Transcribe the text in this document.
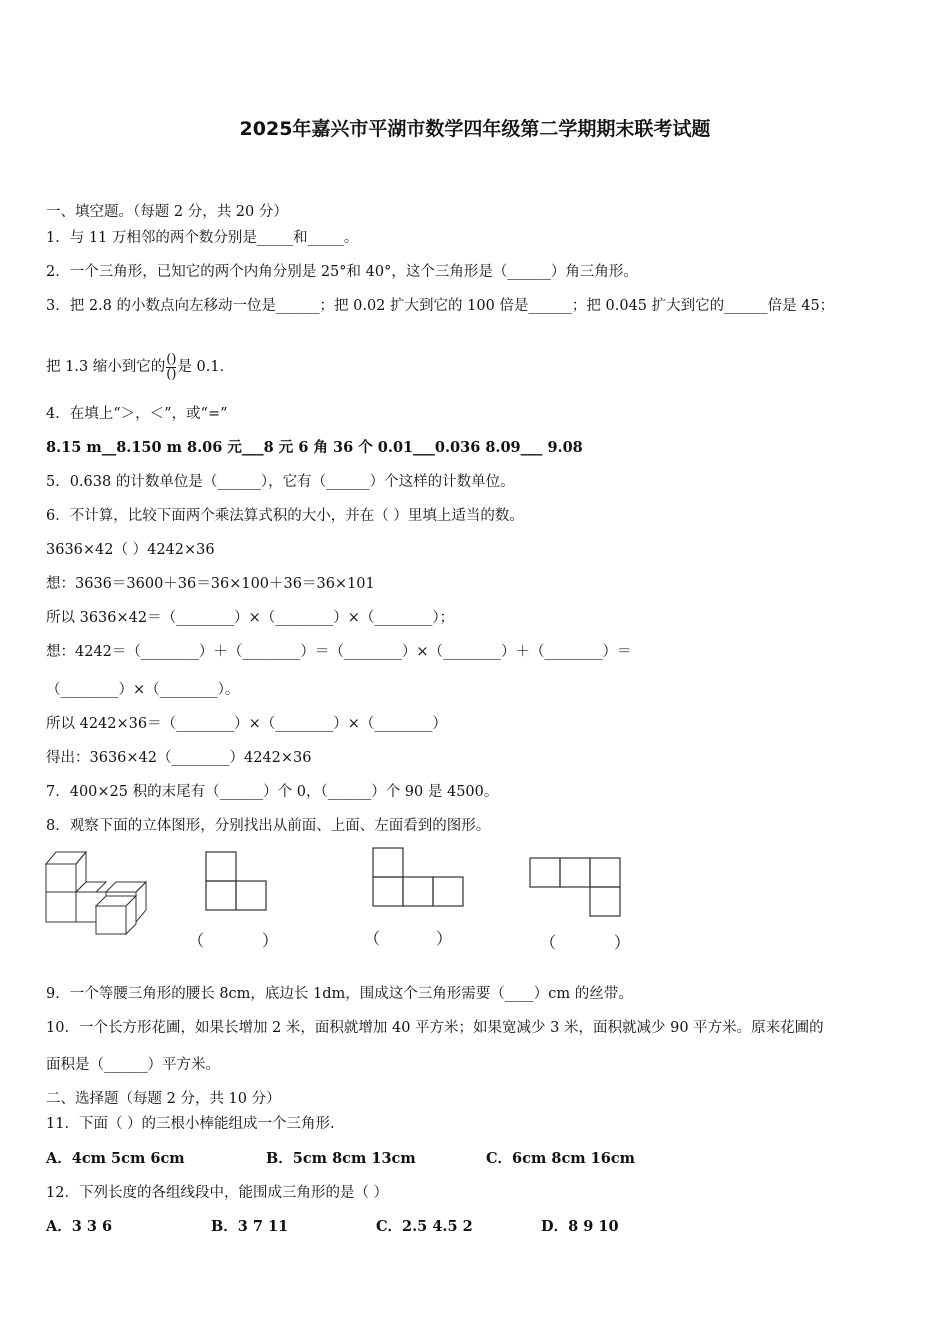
2025年嘉兴市平湖市数学四年级第二学期期末联考试题
一、填空题。（每题 2 分，共 20 分）
1．与 11 万相邻的两个数分别是_____和_____。
2．一个三角形，已知它的两个内角分别是 25°和 40°，这个三角形是（______）角三角形。
3．把 2.8 的小数点向左移动一位是______；把 0.02 扩大到它的 100 倍是______；把 0.045 扩大到它的______倍是 45；
把 1.3 缩小到它的 $\frac{()}{()}$ 是 0.1．
4．在填上“＞，＜”，或“=”
8.15 m__8.150 m 8.06 元___8 元 6 角 36 个 0.01___0.036 8.09___ 9.08
5．0.638 的计数单位是（______），它有（______）个这样的计数单位。
6．不计算，比较下面两个乘法算式积的大小，并在（ ）里填上适当的数。
3636×42（ ）4242×36
想：3636＝3600＋36＝36×100＋36＝36×101
所以 3636×42＝（________）×（________）×（________）；
想：4242＝（________）＋（________）＝（________）×（________）＋（________）＝
（________）×（________）。
所以 4242×36＝（________）×（________）×（________）
得出：3636×42（________）4242×36
7．400×25 积的末尾有（______）个 0，（______）个 90 是 4500。
8．观察下面的立体图形，分别找出从前面、上面、左面看到的图形。
（	）	（	）	（	）
9．一个等腰三角形的腰长 8cm，底边长 1dm，围成这个三角形需要（____）cm 的丝带。
10．一个长方形花圃，如果长增加 2 米，面积就增加 40 平方米；如果宽减少 3 米，面积就减少 90 平方米。原来花圃的
面积是（______）平方米。
二、选择题（每题 2 分，共 10 分）
11．下面（ ）的三根小棒能组成一个三角形.
A．4cm 5cm 6cm	B．5cm 8cm 13cm	C．6cm 8cm 16cm
12．下列长度的各组线段中，能围成三角形的是（ ）
A．3 3 6	B．3 7 11	C．2.5 4.5 2	D．8 9 10
